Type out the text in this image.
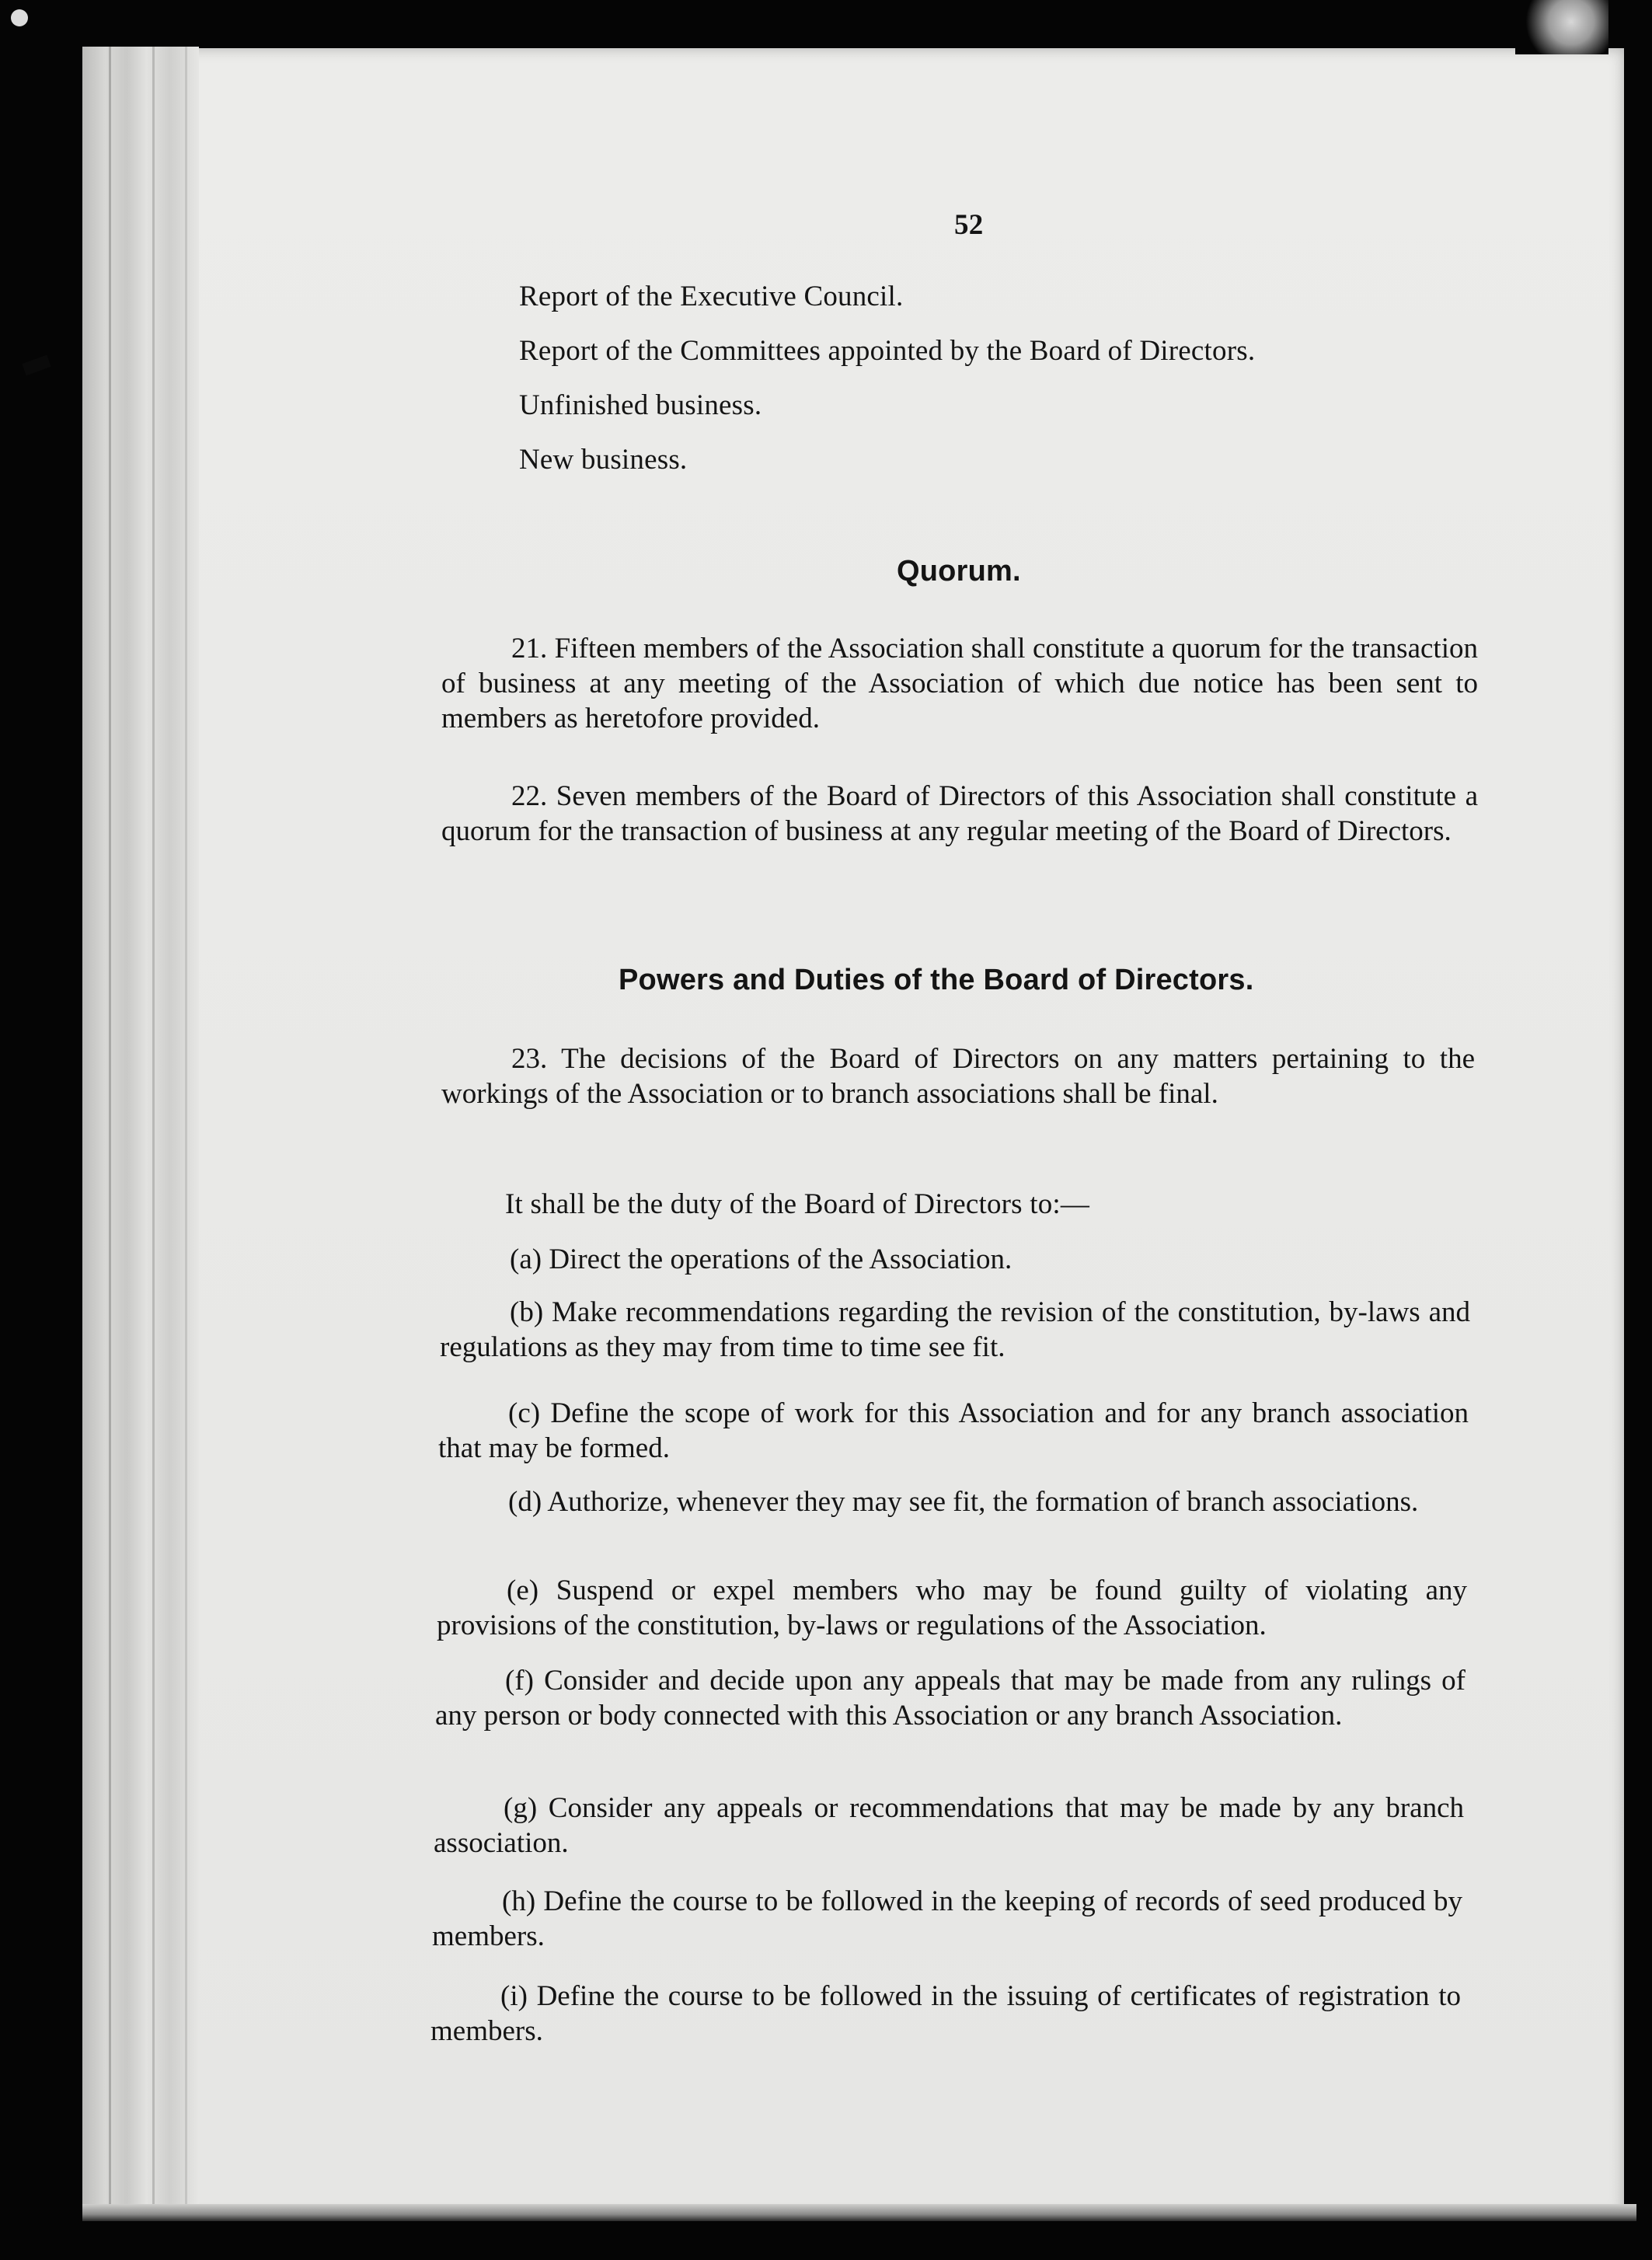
52
Report of the Executive Council.
Report of the Committees appointed by the Board of Directors.
Unfinished business.
New business.
Quorum.
21. Fifteen members of the Association shall constitute a quorum for the transaction of business at any meeting of the Association of which due notice has been sent to members as heretofore provided.
22. Seven members of the Board of Directors of this Association shall constitute a quorum for the transaction of business at any regular meeting of the Board of Directors.
Powers and Duties of the Board of Directors.
23. The decisions of the Board of Directors on any matters pertaining to the workings of the Association or to branch associations shall be final.
It shall be the duty of the Board of Directors to:—
(a) Direct the operations of the Association.
(b) Make recommendations regarding the revision of the constitution, by-laws and regulations as they may from time to time see fit.
(c) Define the scope of work for this Association and for any branch association that may be formed.
(d) Authorize, whenever they may see fit, the formation of branch associations.
(e) Suspend or expel members who may be found guilty of violating any provisions of the constitution, by-laws or regulations of the Association.
(f) Consider and decide upon any appeals that may be made from any rulings of any person or body connected with this Association or any branch Association.
(g) Consider any appeals or recommendations that may be made by any branch association.
(h) Define the course to be followed in the keeping of records of seed produced by members.
(i) Define the course to be followed in the issuing of certificates of registration to members.
